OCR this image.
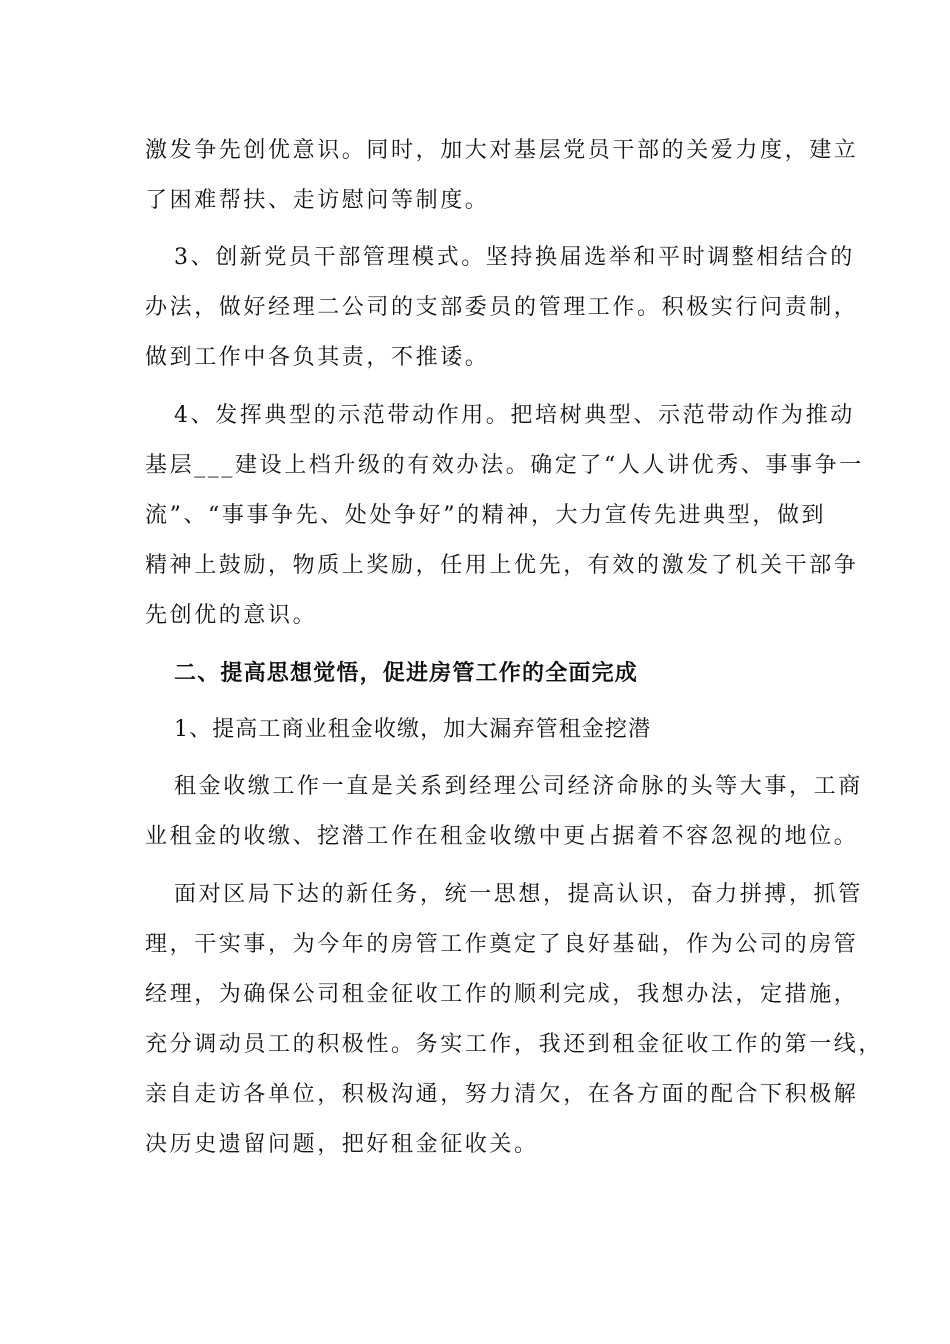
激发争先创优意识。同时，加大对基层党员干部的关爱力度，建立
了困难帮扶、走访慰问等制度。
3、创新党员干部管理模式。坚持换届选举和平时调整相结合的
办法，做好经理二公司的支部委员的管理工作。积极实行问责制，
做到工作中各负其责，不推诿。
4、发挥典型的示范带动作用。把培树典型、示范带动作为推动
基层___建设上档升级的有效办法。确定了“人人讲优秀、事事争一
流”、“事事争先、处处争好”的精神，大力宣传先进典型，做到
精神上鼓励，物质上奖励，任用上优先，有效的激发了机关干部争
先创优的意识。
二、提高思想觉悟，促进房管工作的全面完成
1、提高工商业租金收缴，加大漏弃管租金挖潜
租金收缴工作一直是关系到经理公司经济命脉的头等大事，工商
业租金的收缴、挖潜工作在租金收缴中更占据着不容忽视的地位。
面对区局下达的新任务，统一思想，提高认识，奋力拼搏，抓管
理，干实事，为今年的房管工作奠定了良好基础，作为公司的房管
经理，为确保公司租金征收工作的顺利完成，我想办法，定措施，
充分调动员工的积极性。务实工作，我还到租金征收工作的第一线，
亲自走访各单位，积极沟通，努力清欠，在各方面的配合下积极解
决历史遗留问题，把好租金征收关。
